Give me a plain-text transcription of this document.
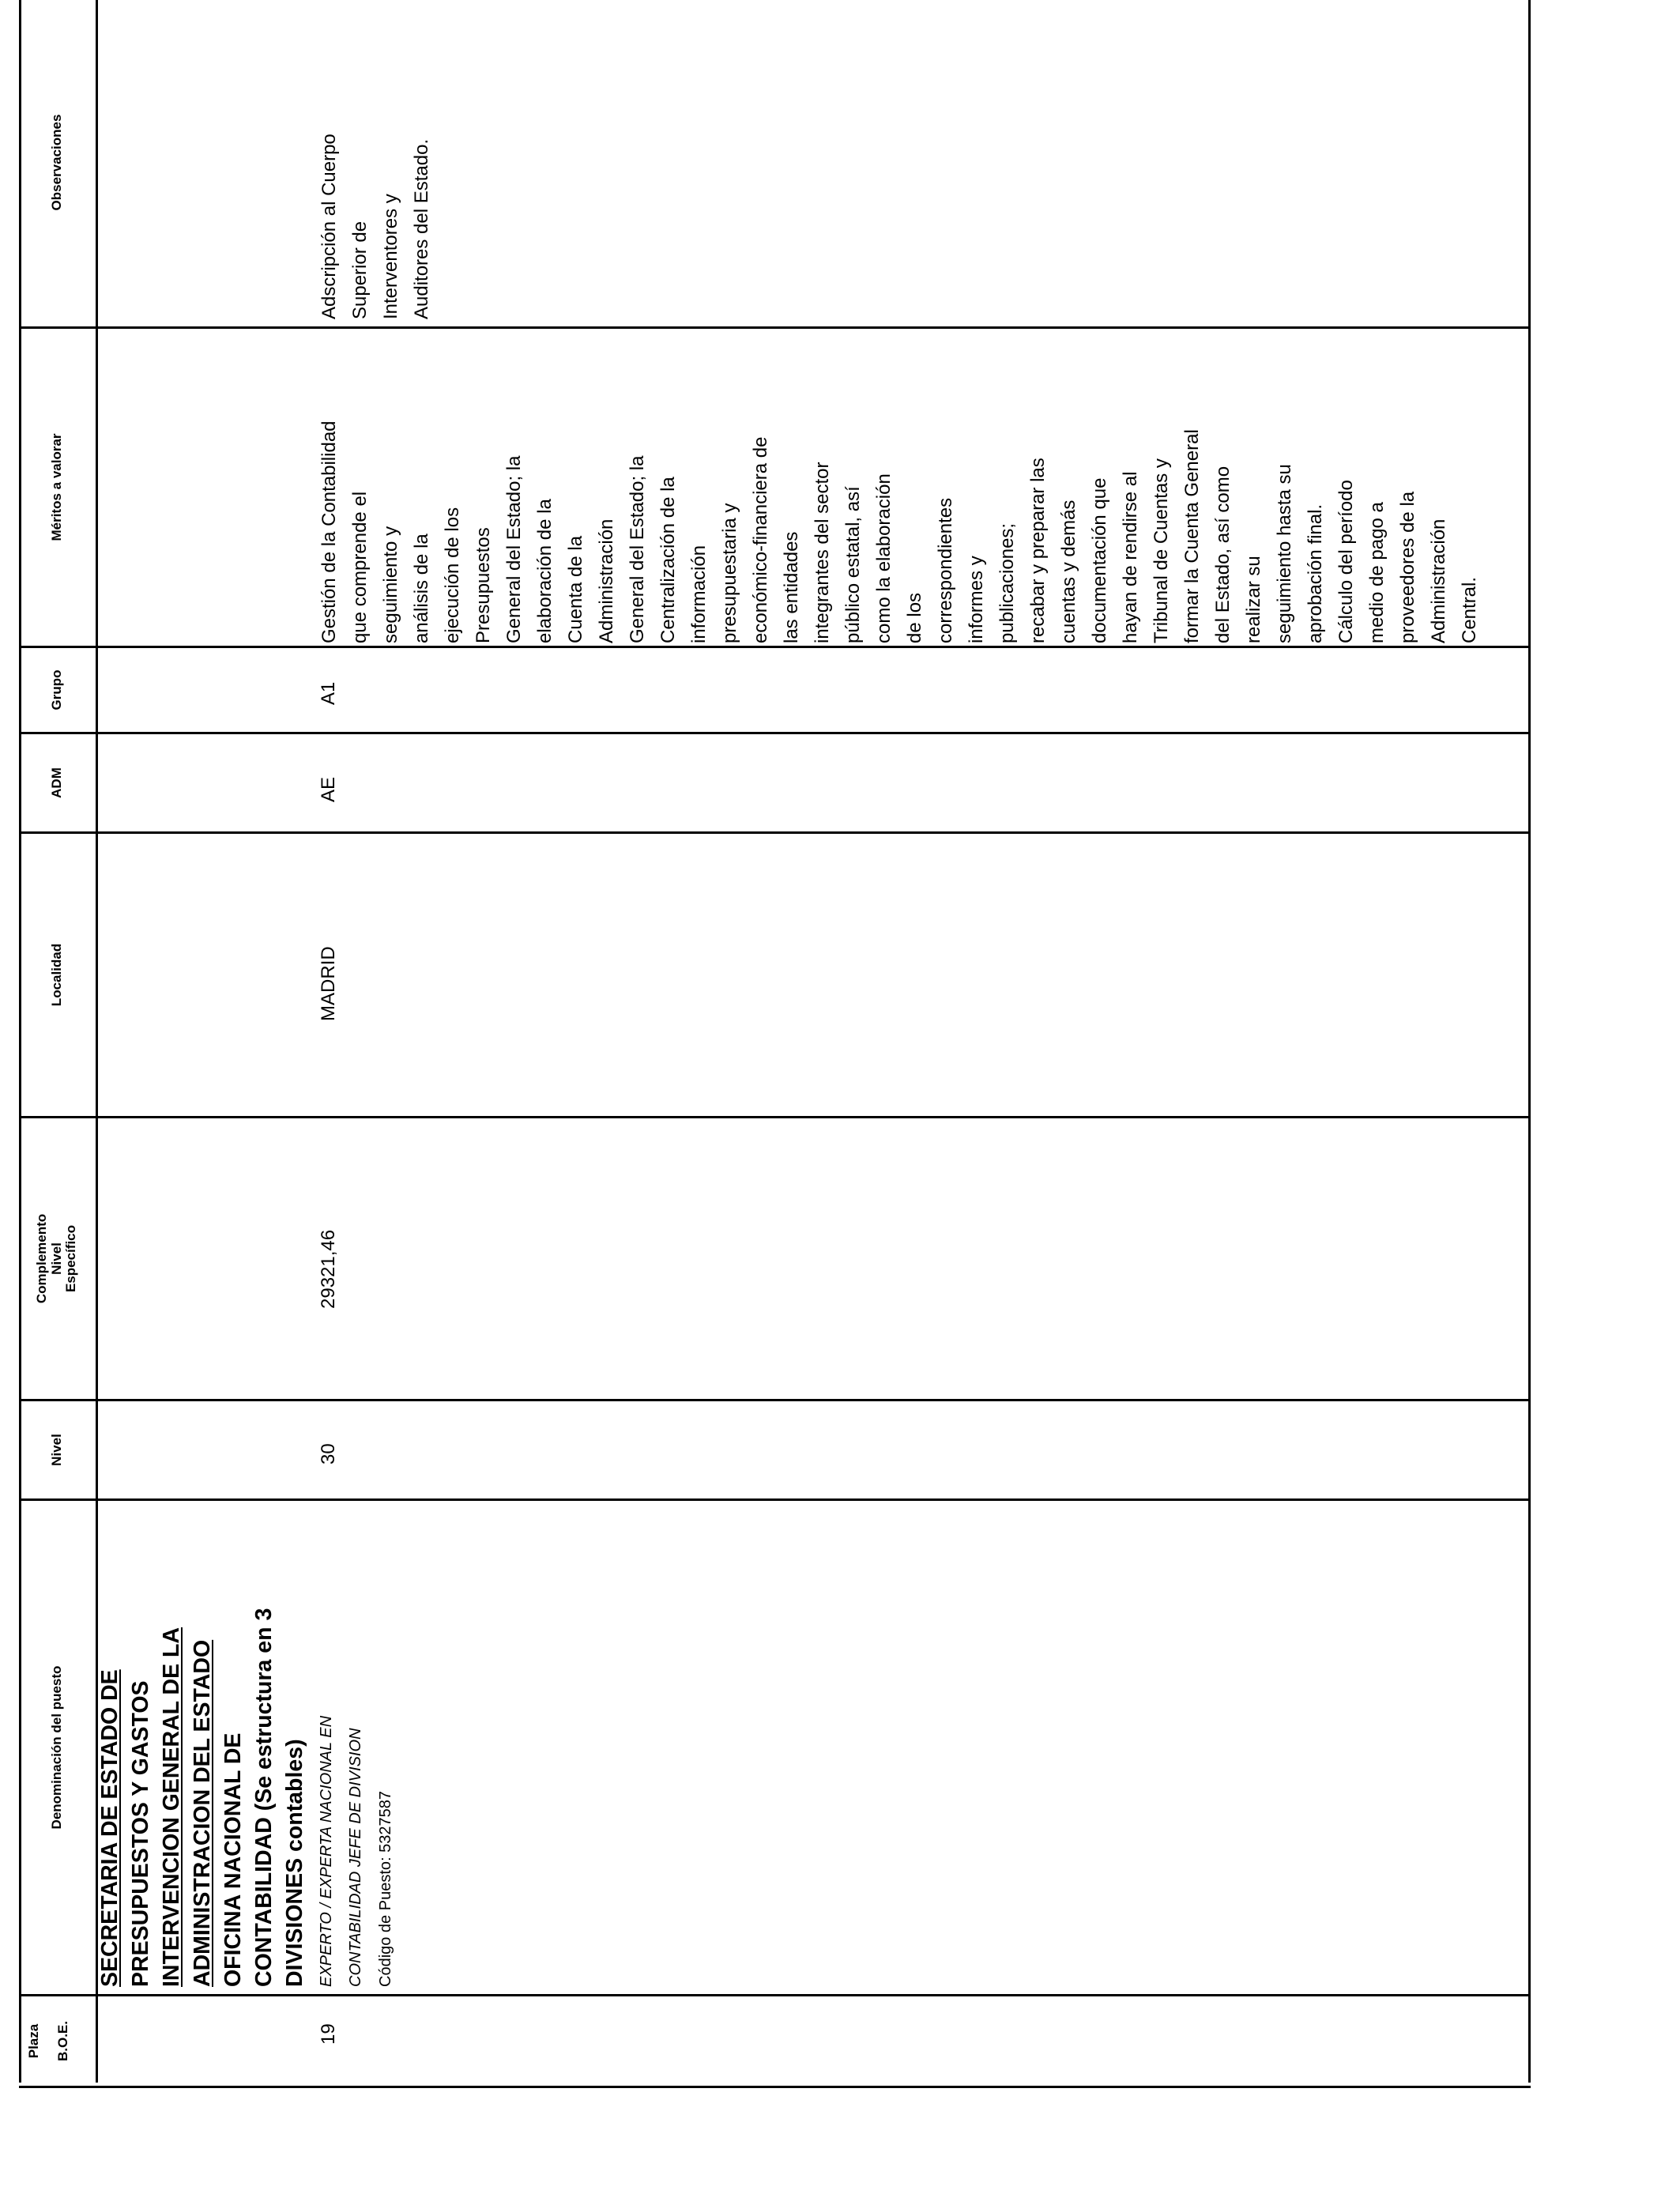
Plaza	B.O.E.
Denominación del puesto
Nivel
Nivel
Complemento	Específico
Localidad
ADM
Grupo
Méritos a valorar
Observaciones
SECRETARIA DE ESTADO DE PRESUPUESTOS Y GASTOS INTERVENCION GENERAL DE LA ADMINISTRACION DEL ESTADO OFICINA NACIONAL DE CONTABILIDAD (Se estructura en 3 DIVISIONES contables)
19
EXPERTO / EXPERTA NACIONAL EN CONTABILIDAD JEFE DE DIVISION Código de Puesto: 5327587
30
29321,46
MADRID
AE
A1
Gestión de la Contabilidad que comprende el seguimiento y análisis de la ejecución de los Presupuestos General del Estado; la elaboración de la Cuenta de la Administración General del Estado; la Centralización de la información presupuestaria y económico-financiera de las entidades integrantes del sector público estatal, así como la elaboración de los correspondientes informes y publicaciones; recabar y preparar las cuentas y demás documentación que hayan de rendirse al Tribunal de Cuentas y formar la Cuenta General del Estado, así como realizar su seguimiento hasta su aprobación final. Cálculo del período medio de pago a proveedores de la Administración Central.
Adscripción al Cuerpo Superior de Interventores y Auditores del Estado.
